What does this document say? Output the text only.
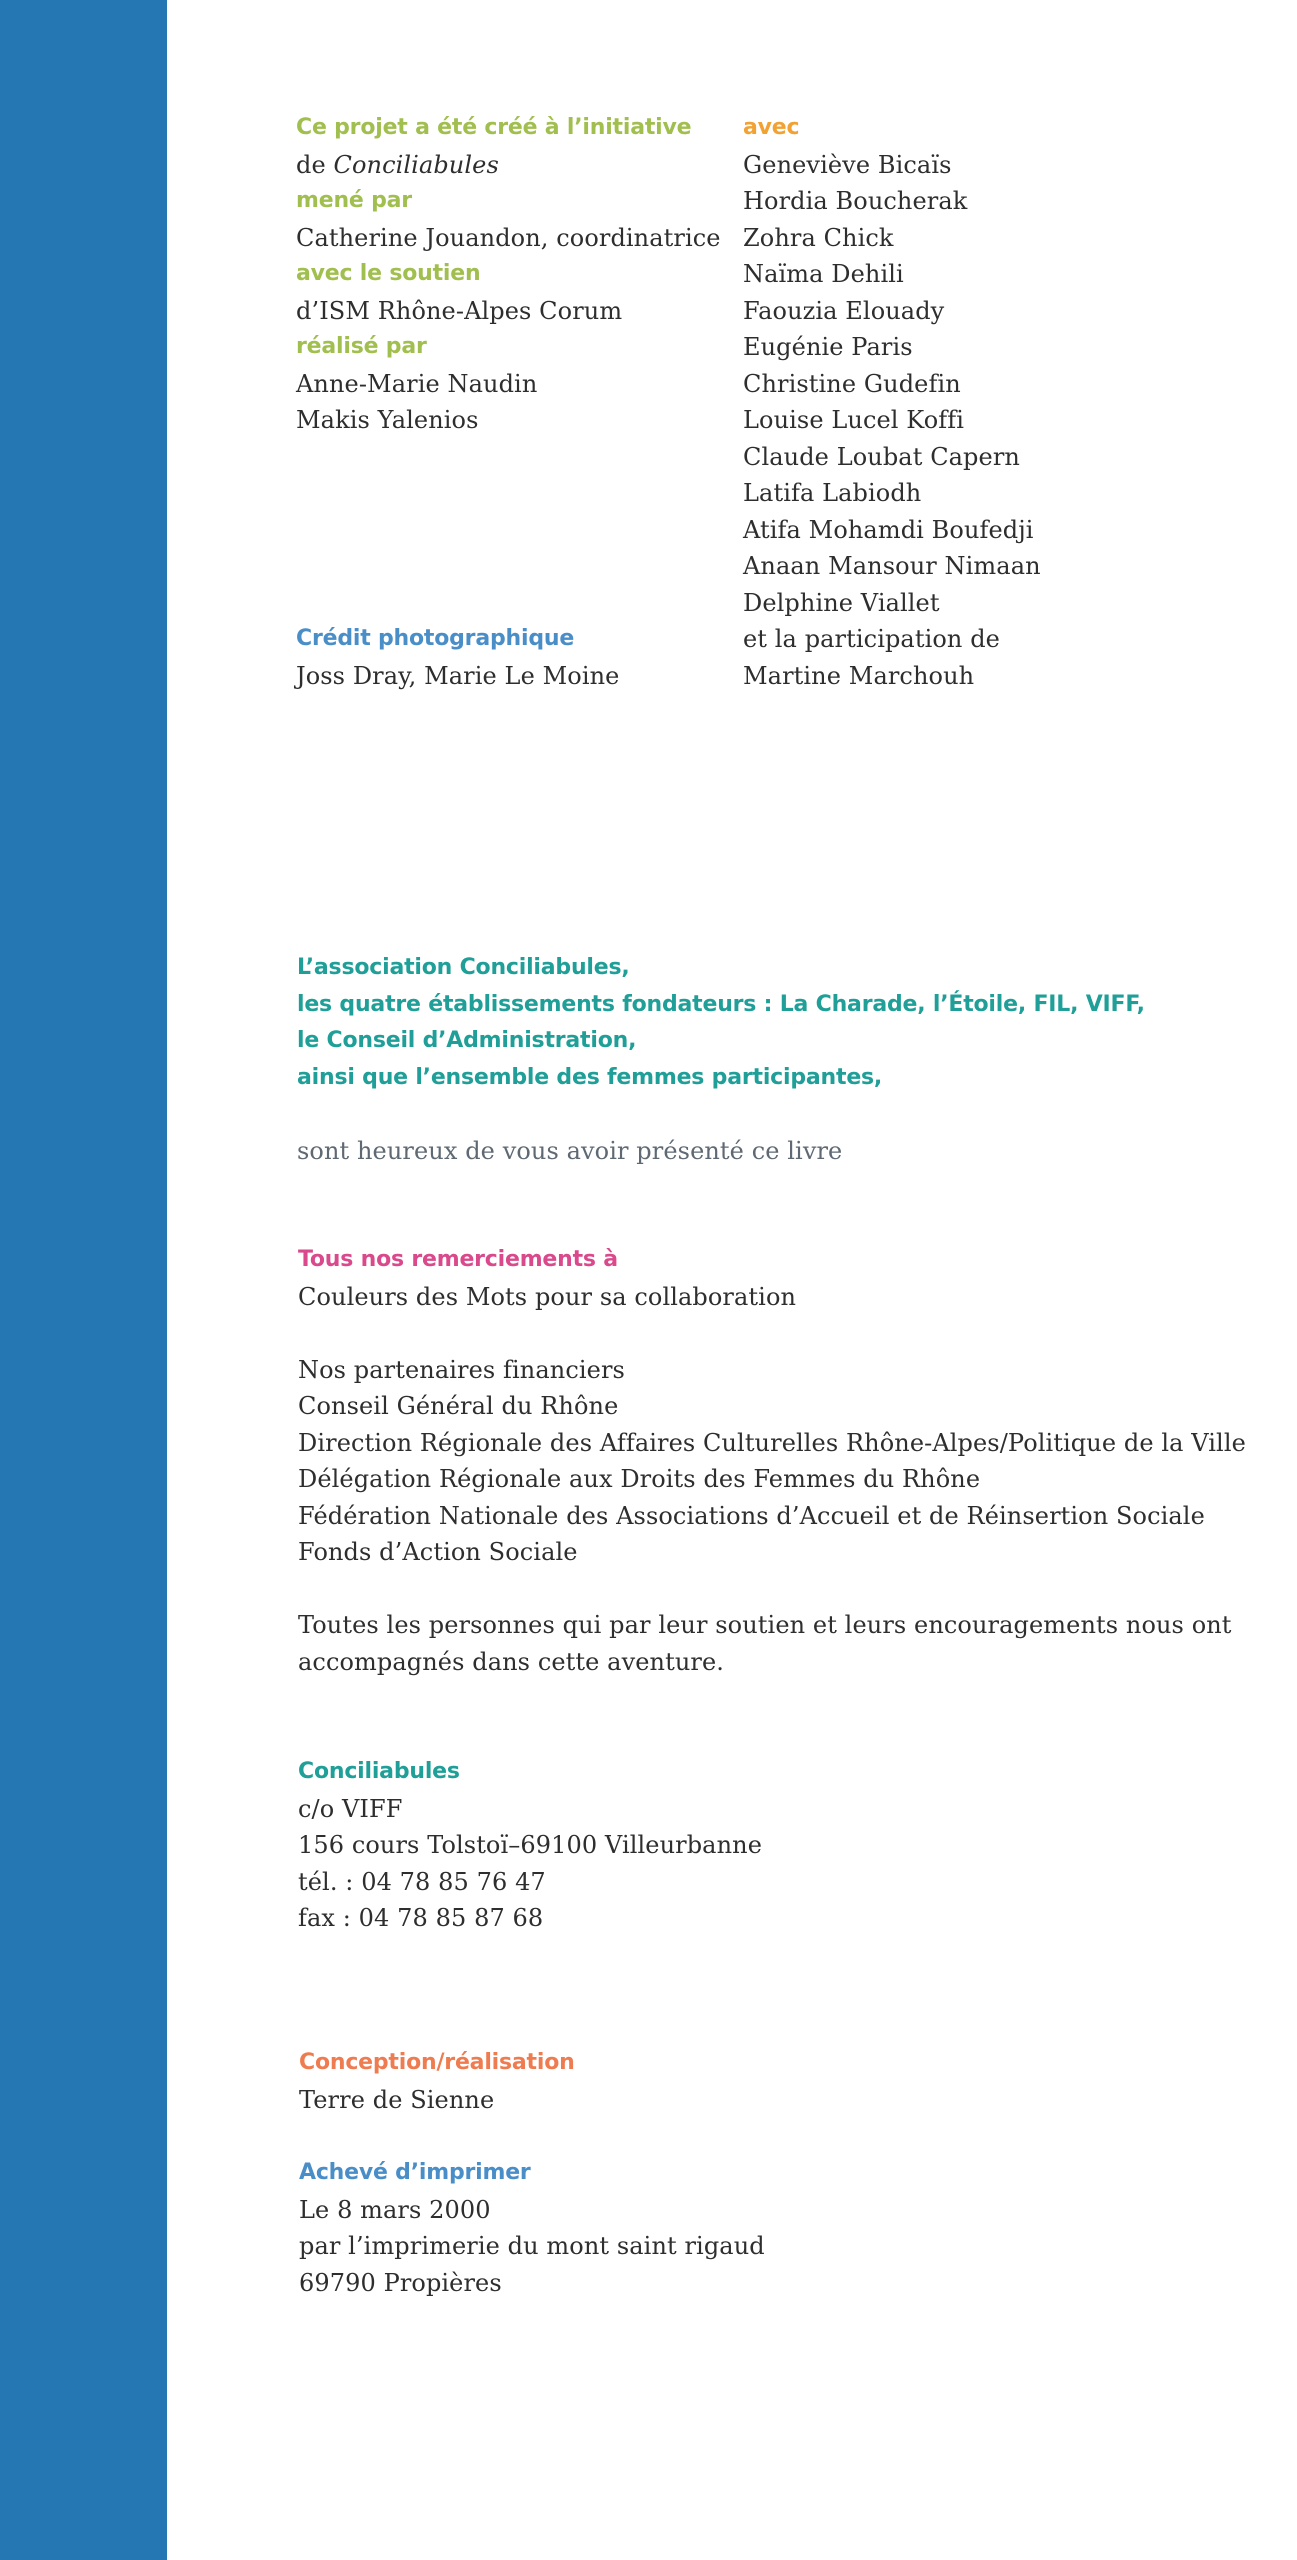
Ce projet a été créé à l’initiative
de Conciliabules
mené par
Catherine Jouandon, coordinatrice
avec le soutien
d’ISM Rhône-Alpes Corum
réalisé par
Anne-Marie Naudin
Makis Yalenios
Crédit photographique
Joss Dray, Marie Le Moine
avec
Geneviève Bicaïs
Hordia Boucherak
Zohra Chick
Naïma Dehili
Faouzia Elouady
Eugénie Paris
Christine Gudefin
Louise Lucel Koffi
Claude Loubat Capern
Latifa Labiodh
Atifa Mohamdi Boufedji
Anaan Mansour Nimaan
Delphine Viallet
et la participation de
Martine Marchouh
L’association Conciliabules,
les quatre établissements fondateurs : La Charade, l’Étoile, FIL, VIFF,
le Conseil d’Administration,
ainsi que l’ensemble des femmes participantes,
sont heureux de vous avoir présenté ce livre
Tous nos remerciements à
Couleurs des Mots pour sa collaboration
Nos partenaires financiers
Conseil Général du Rhône
Direction Régionale des Affaires Culturelles Rhône-Alpes/Politique de la Ville
Délégation Régionale aux Droits des Femmes du Rhône
Fédération Nationale des Associations d’Accueil et de Réinsertion Sociale
Fonds d’Action Sociale
Toutes les personnes qui par leur soutien et leurs encouragements nous ont
accompagnés dans cette aventure.
Conciliabules
c/o VIFF
156 cours Tolstoï–69100 Villeurbanne
tél. : 04 78 85 76 47
fax : 04 78 85 87 68
Conception/réalisation
Terre de Sienne
Achevé d’imprimer
Le 8 mars 2000
par l’imprimerie du mont saint rigaud
69790 Propières
